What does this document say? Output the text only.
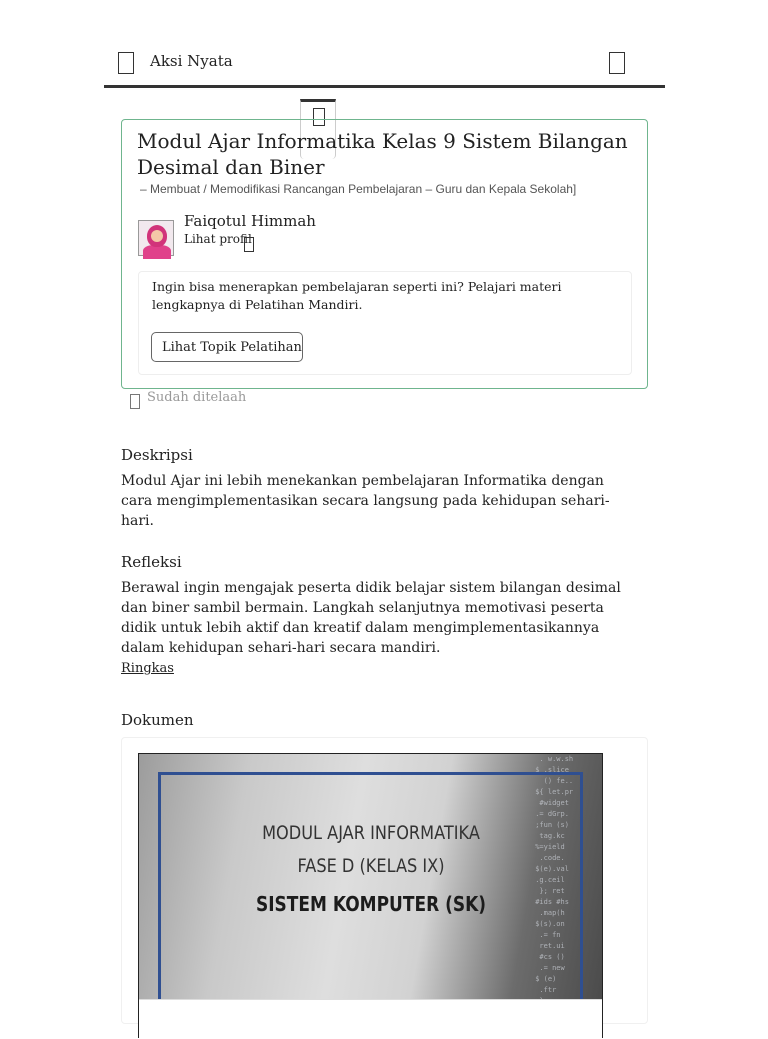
Aksi Nyata
Modul Ajar Informatika Kelas 9 Sistem Bilangan Desimal dan Biner
– Membuat / Memodifikasi Rancangan Pembelajaran – Guru dan Kepala Sekolah]
Faiqotul Himmah
Lihat profil

Ingin bisa menerapkan pembelajaran seperti ini? Pelajari materi lengkapnya di Pelatihan Mandiri.

Lihat Topik Pelatihan
Sudah ditelaah
Deskripsi
Modul Ajar ini lebih menekankan pembelajaran Informatika dengan cara mengimplementasikan secara langsung pada kehidupan sehari-hari.
Refleksi
Berawal ingin mengajak peserta didik belajar sistem bilangan desimal dan biner sambil bermain. Langkah selanjutnya memotivasi peserta didik untuk lebih aktif dan kreatif dalam mengimplementasikannya dalam kehidupan sehari-hari secara mandiri.
Ringkas
Dokumen
. w.w.sh
$ .slice
() fe..
${ let.pr
#widget
.= dGrp.
;fun (s)
tag.kc
%=yield
.code.
$(e).val
.g.ceil
}; ret
#ids #hs
.map(h
$(s).on
.= fn
ret.ui
#cs ()
.= new
$ (e)
.ftr

MODUL AJAR INFORMATIKA
FASE D (KELAS IX)
SISTEM KOMPUTER (SK)
